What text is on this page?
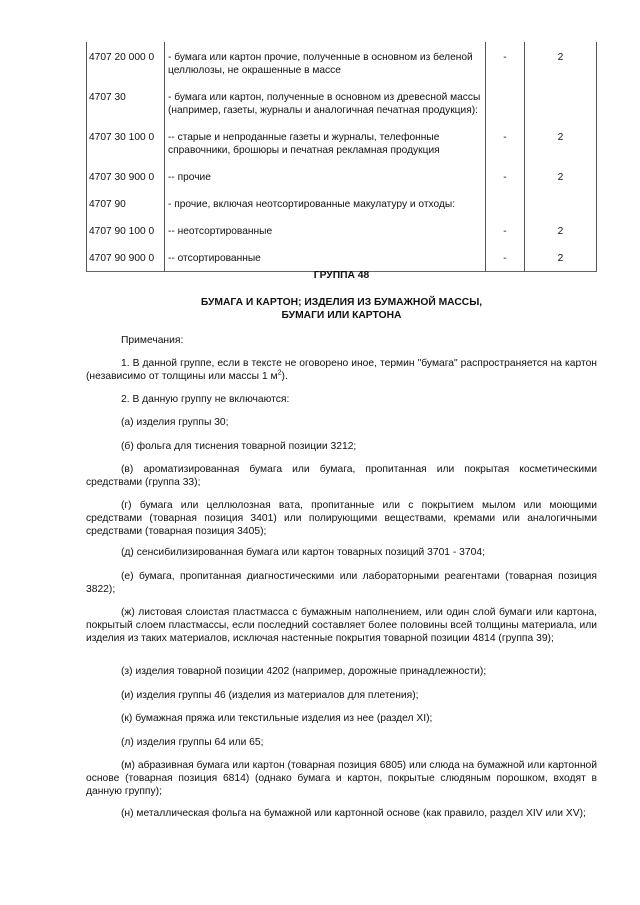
4707 20 000 0	- бумага или картон прочие, полученные в основном из беленой целлюлозы, не окрашенные в массе	-	2
4707 30	- бумага или картон, полученные в основном из древесной массы (например, газеты, журналы и аналогичная печатная продукция):		
4707 30 100 0	-- старые и непроданные газеты и журналы, телефонные справочники, брошюры и печатная рекламная продукция	-	2
4707 30 900 0	-- прочие	-	2
4707 90	- прочие, включая неотсортированные макулатуру и отходы:		
4707 90 100 0	-- неотсортированные	-	2
4707 90 900 0	-- отсортированные	-	2
ГРУППА 48
БУМАГА И КАРТОН; ИЗДЕЛИЯ ИЗ БУМАЖНОЙ МАССЫ,
БУМАГИ ИЛИ КАРТОНА
Примечания:
1. В данной группе, если в тексте не оговорено иное, термин "бумага" распространяется на картон (независимо от толщины или массы 1 $м^2$).
2. В данную группу не включаются:
(а) изделия группы 30;
(б) фольга для тиснения товарной позиции 3212;
(в) ароматизированная бумага или бумага, пропитанная или покрытая косметическими средствами (группа 33);
(г) бумага или целлюлозная вата, пропитанные или с покрытием мылом или моющими средствами (товарная позиция 3401) или полирующими веществами, кремами или аналогичными средствами (товарная позиция 3405);
(д) сенсибилизированная бумага или картон товарных позиций 3701 - 3704;
(е) бумага, пропитанная диагностическими или лабораторными реагентами (товарная позиция 3822);
(ж) листовая слоистая пластмасса с бумажным наполнением, или один слой бумаги или картона, покрытый слоем пластмассы, если последний составляет более половины всей толщины материала, или изделия из таких материалов, исключая настенные покрытия товарной позиции 4814 (группа 39);
(з) изделия товарной позиции 4202 (например, дорожные принадлежности);
(и) изделия группы 46 (изделия из материалов для плетения);
(к) бумажная пряжа или текстильные изделия из нее (раздел XI);
(л) изделия группы 64 или 65;
(м) абразивная бумага или картон (товарная позиция 6805) или слюда на бумажной или картонной основе (товарная позиция 6814) (однако бумага и картон, покрытые слюдяным порошком, входят в данную группу);
(н) металлическая фольга на бумажной или картонной основе (как правило, раздел XIV или XV);
